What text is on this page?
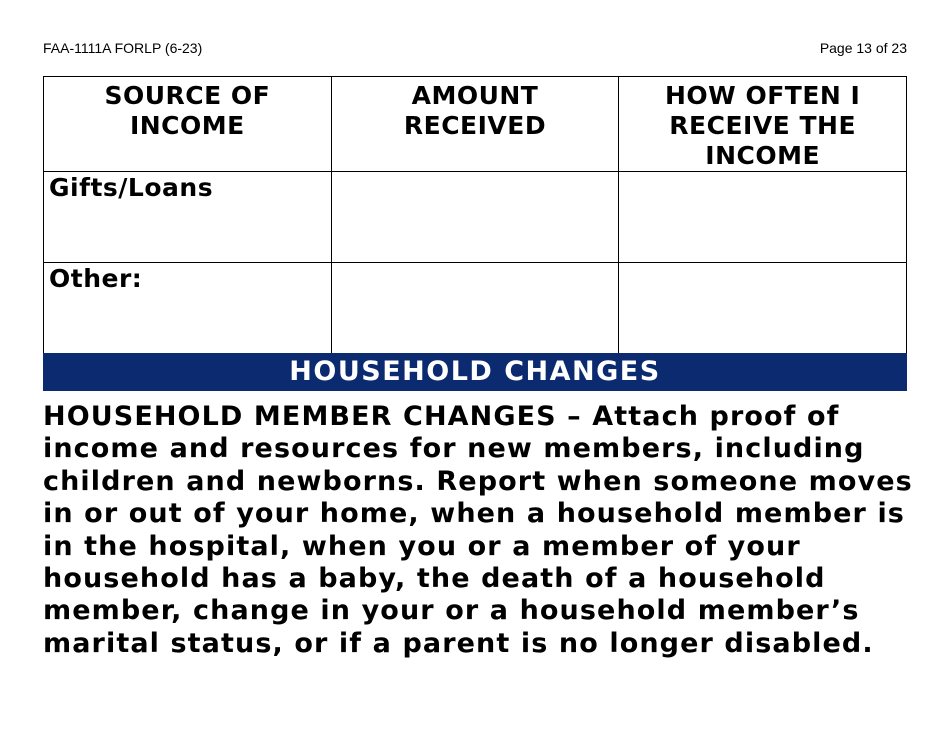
FAA-1111A FORLP (6-23)	Page 13 of 23
SOURCE OF INCOME	AMOUNT RECEIVED	HOW OFTEN I RECEIVE THE INCOME
Gifts/Loans		
Other:		
HOUSEHOLD CHANGES

HOUSEHOLD MEMBER CHANGES – Attach proof of income and resources for new members, including children and newborns. Report when someone moves in or out of your home, when a household member is in the hospital, when you or a member of your household has a baby, the death of a household member, change in your or a household member’s marital status, or if a parent is no longer disabled.
